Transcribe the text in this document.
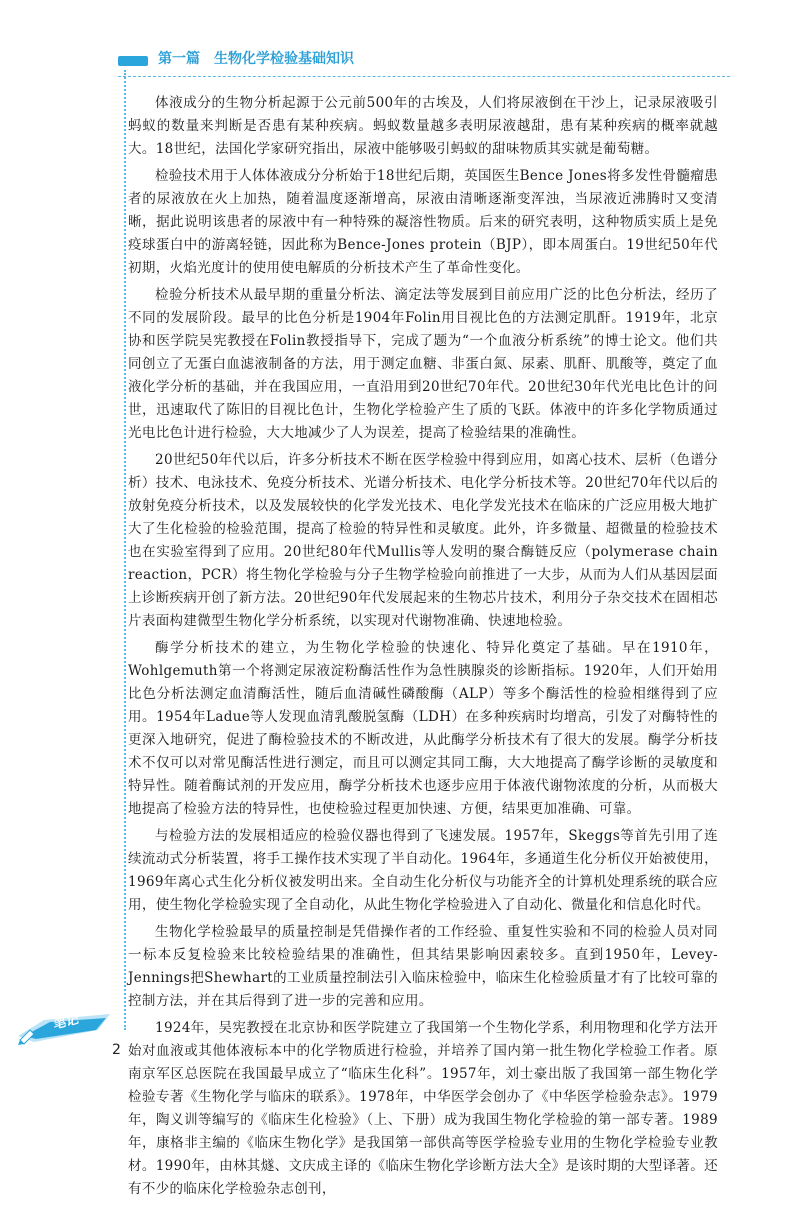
第一篇　生物化学检验基础知识

体液成分的生物分析起源于公元前500年的古埃及，人们将尿液倒在干沙上，记录尿液吸引蚂蚁的数量来判断是否患有某种疾病。蚂蚁数量越多表明尿液越甜，患有某种疾病的概率就越大。18世纪，法国化学家研究指出，尿液中能够吸引蚂蚁的甜味物质其实就是葡萄糖。

检验技术用于人体体液成分分析始于18世纪后期，英国医生Bence Jones将多发性骨髓瘤患者的尿液放在火上加热，随着温度逐渐增高，尿液由清晰逐渐变浑浊，当尿液近沸腾时又变清晰，据此说明该患者的尿液中有一种特殊的凝溶性物质。后来的研究表明，这种物质实质上是免疫球蛋白中的游离轻链，因此称为Bence-Jones protein（BJP），即本周蛋白。19世纪50年代初期，火焰光度计的使用使电解质的分析技术产生了革命性变化。

检验分析技术从最早期的重量分析法、滴定法等发展到目前应用广泛的比色分析法，经历了不同的发展阶段。最早的比色分析是1904年Folin用目视比色的方法测定肌酐。1919年，北京协和医学院吴宪教授在Folin教授指导下，完成了题为“一个血液分析系统”的博士论文。他们共同创立了无蛋白血滤液制备的方法，用于测定血糖、非蛋白氮、尿素、肌酐、肌酸等，奠定了血液化学分析的基础，并在我国应用，一直沿用到20世纪70年代。20世纪30年代光电比色计的问世，迅速取代了陈旧的目视比色计，生物化学检验产生了质的飞跃。体液中的许多化学物质通过光电比色计进行检验，大大地减少了人为误差，提高了检验结果的准确性。

20世纪50年代以后，许多分析技术不断在医学检验中得到应用，如离心技术、层析（色谱分析）技术、电泳技术、免疫分析技术、光谱分析技术、电化学分析技术等。20世纪70年代以后的放射免疫分析技术，以及发展较快的化学发光技术、电化学发光技术在临床的广泛应用极大地扩大了生化检验的检验范围，提高了检验的特异性和灵敏度。此外，许多微量、超微量的检验技术也在实验室得到了应用。20世纪80年代Mullis等人发明的聚合酶链反应（polymerase chain reaction，PCR）将生物化学检验与分子生物学检验向前推进了一大步，从而为人们从基因层面上诊断疾病开创了新方法。20世纪90年代发展起来的生物芯片技术，利用分子杂交技术在固相芯片表面构建微型生物化学分析系统，以实现对代谢物准确、快速地检验。

酶学分析技术的建立，为生物化学检验的快速化、特异化奠定了基础。早在1910年，Wohlgemuth第一个将测定尿液淀粉酶活性作为急性胰腺炎的诊断指标。1920年，人们开始用比色分析法测定血清酶活性，随后血清碱性磷酸酶（ALP）等多个酶活性的检验相继得到了应用。1954年Ladue等人发现血清乳酸脱氢酶（LDH）在多种疾病时均增高，引发了对酶特性的更深入地研究，促进了酶检验技术的不断改进，从此酶学分析技术有了很大的发展。酶学分析技术不仅可以对常见酶活性进行测定，而且可以测定其同工酶，大大地提高了酶学诊断的灵敏度和特异性。随着酶试剂的开发应用，酶学分析技术也逐步应用于体液代谢物浓度的分析，从而极大地提高了检验方法的特异性，也使检验过程更加快速、方便，结果更加准确、可靠。

与检验方法的发展相适应的检验仪器也得到了飞速发展。1957年，Skeggs等首先引用了连续流动式分析装置，将手工操作技术实现了半自动化。1964年，多通道生化分析仪开始被使用，1969年离心式生化分析仪被发明出来。全自动生化分析仪与功能齐全的计算机处理系统的联合应用，使生物化学检验实现了全自动化，从此生物化学检验进入了自动化、微量化和信息化时代。

生物化学检验最早的质量控制是凭借操作者的工作经验、重复性实验和不同的检验人员对同一标本反复检验来比较检验结果的准确性，但其结果影响因素较多。直到1950年，Levey-Jennings把Shewhart的工业质量控制法引入临床检验中，临床生化检验质量才有了比较可靠的控制方法，并在其后得到了进一步的完善和应用。

1924年，吴宪教授在北京协和医学院建立了我国第一个生物化学系，利用物理和化学方法开始对血液或其他体液标本中的化学物质进行检验，并培养了国内第一批生物化学检验工作者。原南京军区总医院在我国最早成立了“临床生化科”。1957年，刘士豪出版了我国第一部生物化学检验专著《生物化学与临床的联系》。1978年，中华医学会创办了《中华医学检验杂志》。1979年，陶义训等编写的《临床生化检验》（上、下册）成为我国生物化学检验的第一部专著。1989年，康格非主编的《临床生物化学》是我国第一部供高等医学检验专业用的生物化学检验专业教材。1990年，由林其燧、文庆成主译的《临床生物化学诊断方法大全》是该时期的大型译著。还有不少的临床化学检验杂志创刊，

笔记
2
